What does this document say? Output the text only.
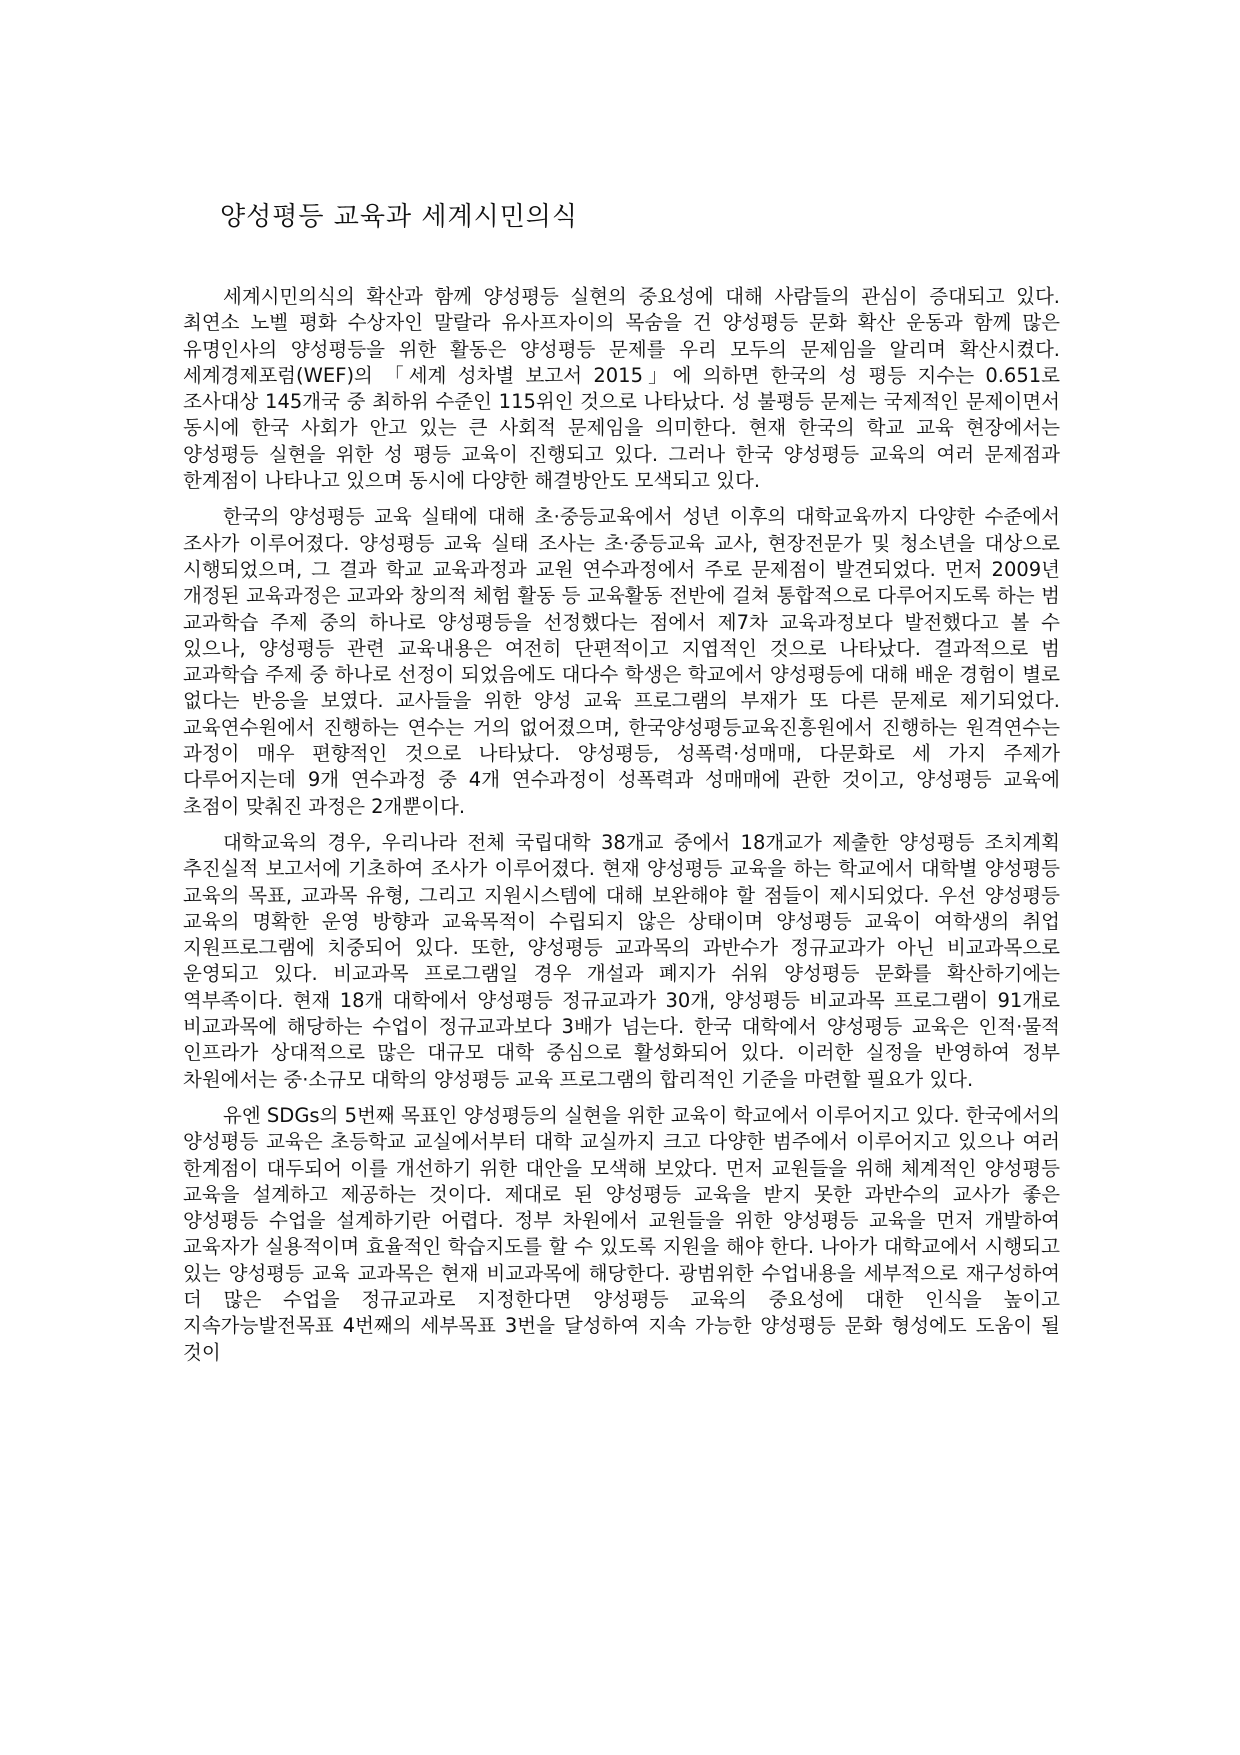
양성평등 교육과 세계시민의식

세계시민의식의 확산과 함께 양성평등 실현의 중요성에 대해 사람들의 관심이 증대되고 있다. 최연소 노벨 평화 수상자인 말랄라 유사프자이의 목숨을 건 양성평등 문화 확산 운동과 함께 많은 유명인사의 양성평등을 위한 활동은 양성평등 문제를 우리 모두의 문제임을 알리며 확산시켰다. 세계경제포럼(WEF)의 「세계 성차별 보고서 2015」에 의하면 한국의 성 평등 지수는 0.651로 조사대상 145개국 중 최하위 수준인 115위인 것으로 나타났다. 성 불평등 문제는 국제적인 문제이면서 동시에 한국 사회가 안고 있는 큰 사회적 문제임을 의미한다. 현재 한국의 학교 교육 현장에서는 양성평등 실현을 위한 성 평등 교육이 진행되고 있다. 그러나 한국 양성평등 교육의 여러 문제점과 한계점이 나타나고 있으며 동시에 다양한 해결방안도 모색되고 있다.

한국의 양성평등 교육 실태에 대해 초·중등교육에서 성년 이후의 대학교육까지 다양한 수준에서 조사가 이루어졌다. 양성평등 교육 실태 조사는 초·중등교육 교사, 현장전문가 및 청소년을 대상으로 시행되었으며, 그 결과 학교 교육과정과 교원 연수과정에서 주로 문제점이 발견되었다. 먼저 2009년 개정된 교육과정은 교과와 창의적 체험 활동 등 교육활동 전반에 걸쳐 통합적으로 다루어지도록 하는 범 교과학습 주제 중의 하나로 양성평등을 선정했다는 점에서 제7차 교육과정보다 발전했다고 볼 수 있으나, 양성평등 관련 교육내용은 여전히 단편적이고 지엽적인 것으로 나타났다. 결과적으로 범 교과학습 주제 중 하나로 선정이 되었음에도 대다수 학생은 학교에서 양성평등에 대해 배운 경험이 별로 없다는 반응을 보였다. 교사들을 위한 양성 교육 프로그램의 부재가 또 다른 문제로 제기되었다. 교육연수원에서 진행하는 연수는 거의 없어졌으며, 한국양성평등교육진흥원에서 진행하는 원격연수는 과정이 매우 편향적인 것으로 나타났다. 양성평등, 성폭력·성매매, 다문화로 세 가지 주제가 다루어지는데 9개 연수과정 중 4개 연수과정이 성폭력과 성매매에 관한 것이고, 양성평등 교육에 초점이 맞춰진 과정은 2개뿐이다.

대학교육의 경우, 우리나라 전체 국립대학 38개교 중에서 18개교가 제출한 양성평등 조치계획 추진실적 보고서에 기초하여 조사가 이루어졌다. 현재 양성평등 교육을 하는 학교에서 대학별 양성평등 교육의 목표, 교과목 유형, 그리고 지원시스템에 대해 보완해야 할 점들이 제시되었다. 우선 양성평등 교육의 명확한 운영 방향과 교육목적이 수립되지 않은 상태이며 양성평등 교육이 여학생의 취업 지원프로그램에 치중되어 있다. 또한, 양성평등 교과목의 과반수가 정규교과가 아닌 비교과목으로 운영되고 있다. 비교과목 프로그램일 경우 개설과 폐지가 쉬워 양성평등 문화를 확산하기에는 역부족이다. 현재 18개 대학에서 양성평등 정규교과가 30개, 양성평등 비교과목 프로그램이 91개로 비교과목에 해당하는 수업이 정규교과보다 3배가 넘는다. 한국 대학에서 양성평등 교육은 인적·물적 인프라가 상대적으로 많은 대규모 대학 중심으로 활성화되어 있다. 이러한 실정을 반영하여 정부 차원에서는 중·소규모 대학의 양성평등 교육 프로그램의 합리적인 기준을 마련할 필요가 있다.

유엔 SDGs의 5번째 목표인 양성평등의 실현을 위한 교육이 학교에서 이루어지고 있다. 한국에서의 양성평등 교육은 초등학교 교실에서부터 대학 교실까지 크고 다양한 범주에서 이루어지고 있으나 여러 한계점이 대두되어 이를 개선하기 위한 대안을 모색해 보았다. 먼저 교원들을 위해 체계적인 양성평등 교육을 설계하고 제공하는 것이다. 제대로 된 양성평등 교육을 받지 못한 과반수의 교사가 좋은 양성평등 수업을 설계하기란 어렵다. 정부 차원에서 교원들을 위한 양성평등 교육을 먼저 개발하여 교육자가 실용적이며 효율적인 학습지도를 할 수 있도록 지원을 해야 한다. 나아가 대학교에서 시행되고 있는 양성평등 교육 교과목은 현재 비교과목에 해당한다. 광범위한 수업내용을 세부적으로 재구성하여 더 많은 수업을 정규교과로 지정한다면 양성평등 교육의 중요성에 대한 인식을 높이고 지속가능발전목표 4번째의 세부목표 3번을 달성하여 지속 가능한 양성평등 문화 형성에도 도움이 될 것이
